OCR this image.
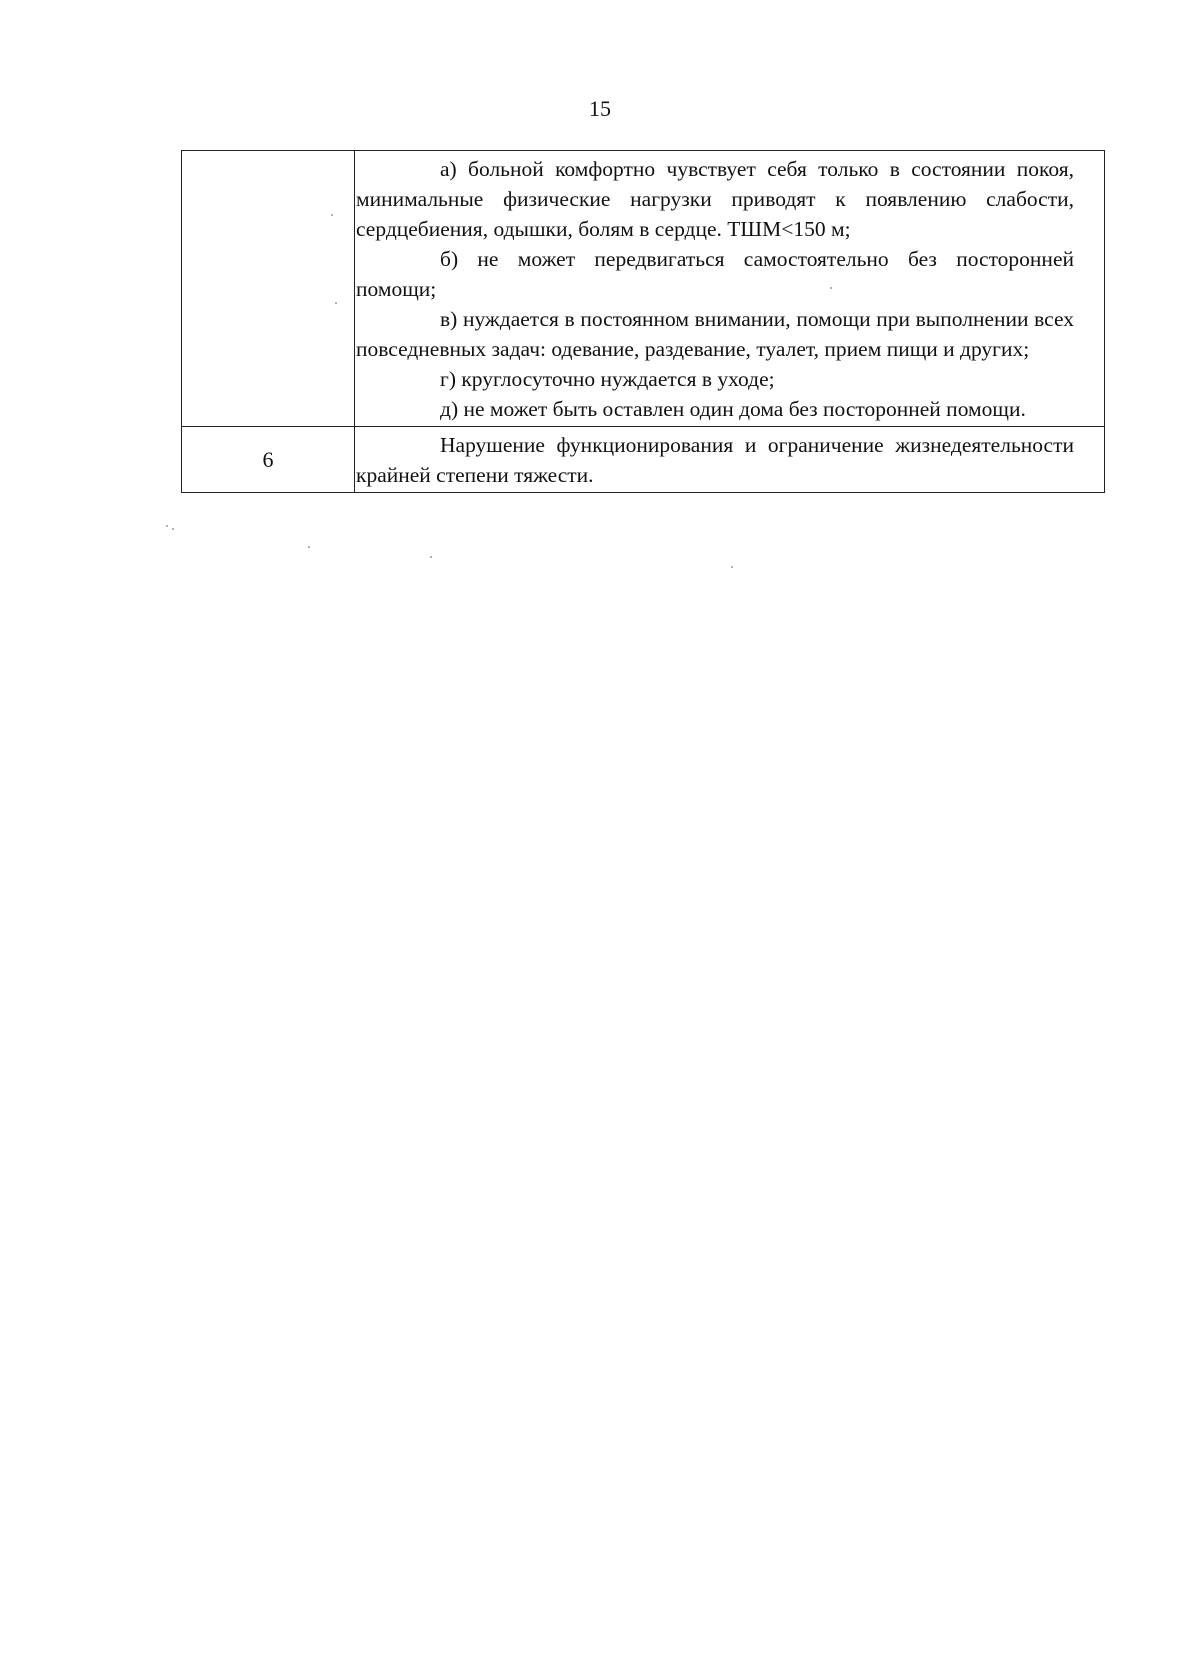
15

	а) больной комфортно чувствует себя только в состоянии покоя, минимальные физические нагрузки приводят к появлению слабости, сердцебиения, одышки, болям в сердце. ТШМ<150 м;

б) не может передвигаться самостоятельно без посторонней помощи;

в) нуждается в постоянном внимании, помощи при выполнении всех повседневных задач: одевание, раздевание, туалет, прием пищи и других;

г) круглосуточно нуждается в уходе;

д) не может быть оставлен один дома без посторонней помощи.

6	Нарушение функционирования и ограничение жизнедеятельности крайней степени тяжести.
